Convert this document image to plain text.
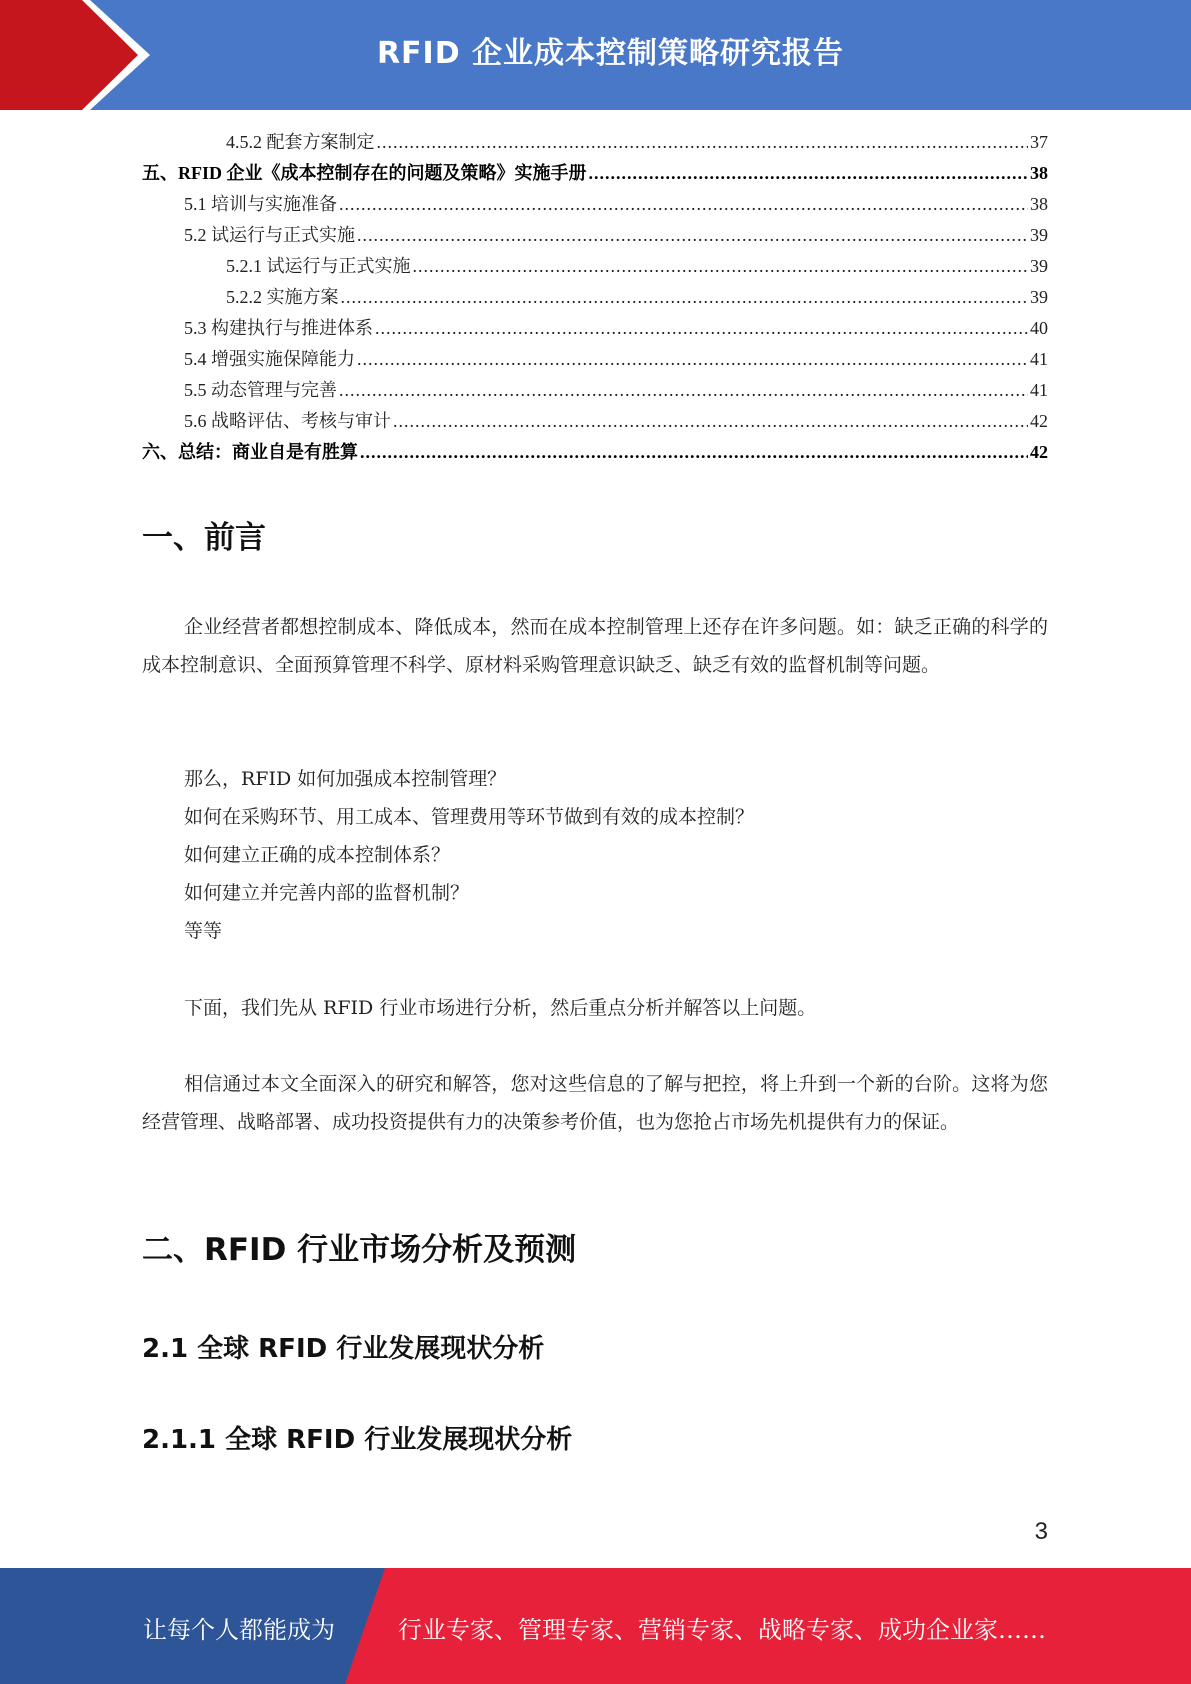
RFID 企业成本控制策略研究报告
4.5.2 配套方案制定 .....	37
五、RFID 企业《成本控制存在的问题及策略》实施手册 .....	38
5.1 培训与实施准备 .....	38
5.2 试运行与正式实施 .....	39
5.2.1 试运行与正式实施 .....	39
5.2.2 实施方案 .....	39
5.3 构建执行与推进体系 .....	40
5.4 增强实施保障能力 .....	41
5.5 动态管理与完善 .....	41
5.6 战略评估、考核与审计 .....	42
六、总结：商业自是有胜算 .....	42
一、前言
企业经营者都想控制成本、降低成本，然而在成本控制管理上还存在许多问题。如：缺乏正确的科学的成本控制意识、全面预算管理不科学、原材料采购管理意识缺乏、缺乏有效的监督机制等问题。
那么，RFID 如何加强成本控制管理？
如何在采购环节、用工成本、管理费用等环节做到有效的成本控制？
如何建立正确的成本控制体系？
如何建立并完善内部的监督机制？
等等
下面，我们先从 RFID 行业市场进行分析，然后重点分析并解答以上问题。
相信通过本文全面深入的研究和解答，您对这些信息的了解与把控，将上升到一个新的台阶。这将为您经营管理、战略部署、成功投资提供有力的决策参考价值，也为您抢占市场先机提供有力的保证。
二、RFID 行业市场分析及预测
2.1 全球 RFID 行业发展现状分析
2.1.1 全球 RFID 行业发展现状分析
3
让每个人都能成为	行业专家、管理专家、营销专家、战略专家、成功企业家……
